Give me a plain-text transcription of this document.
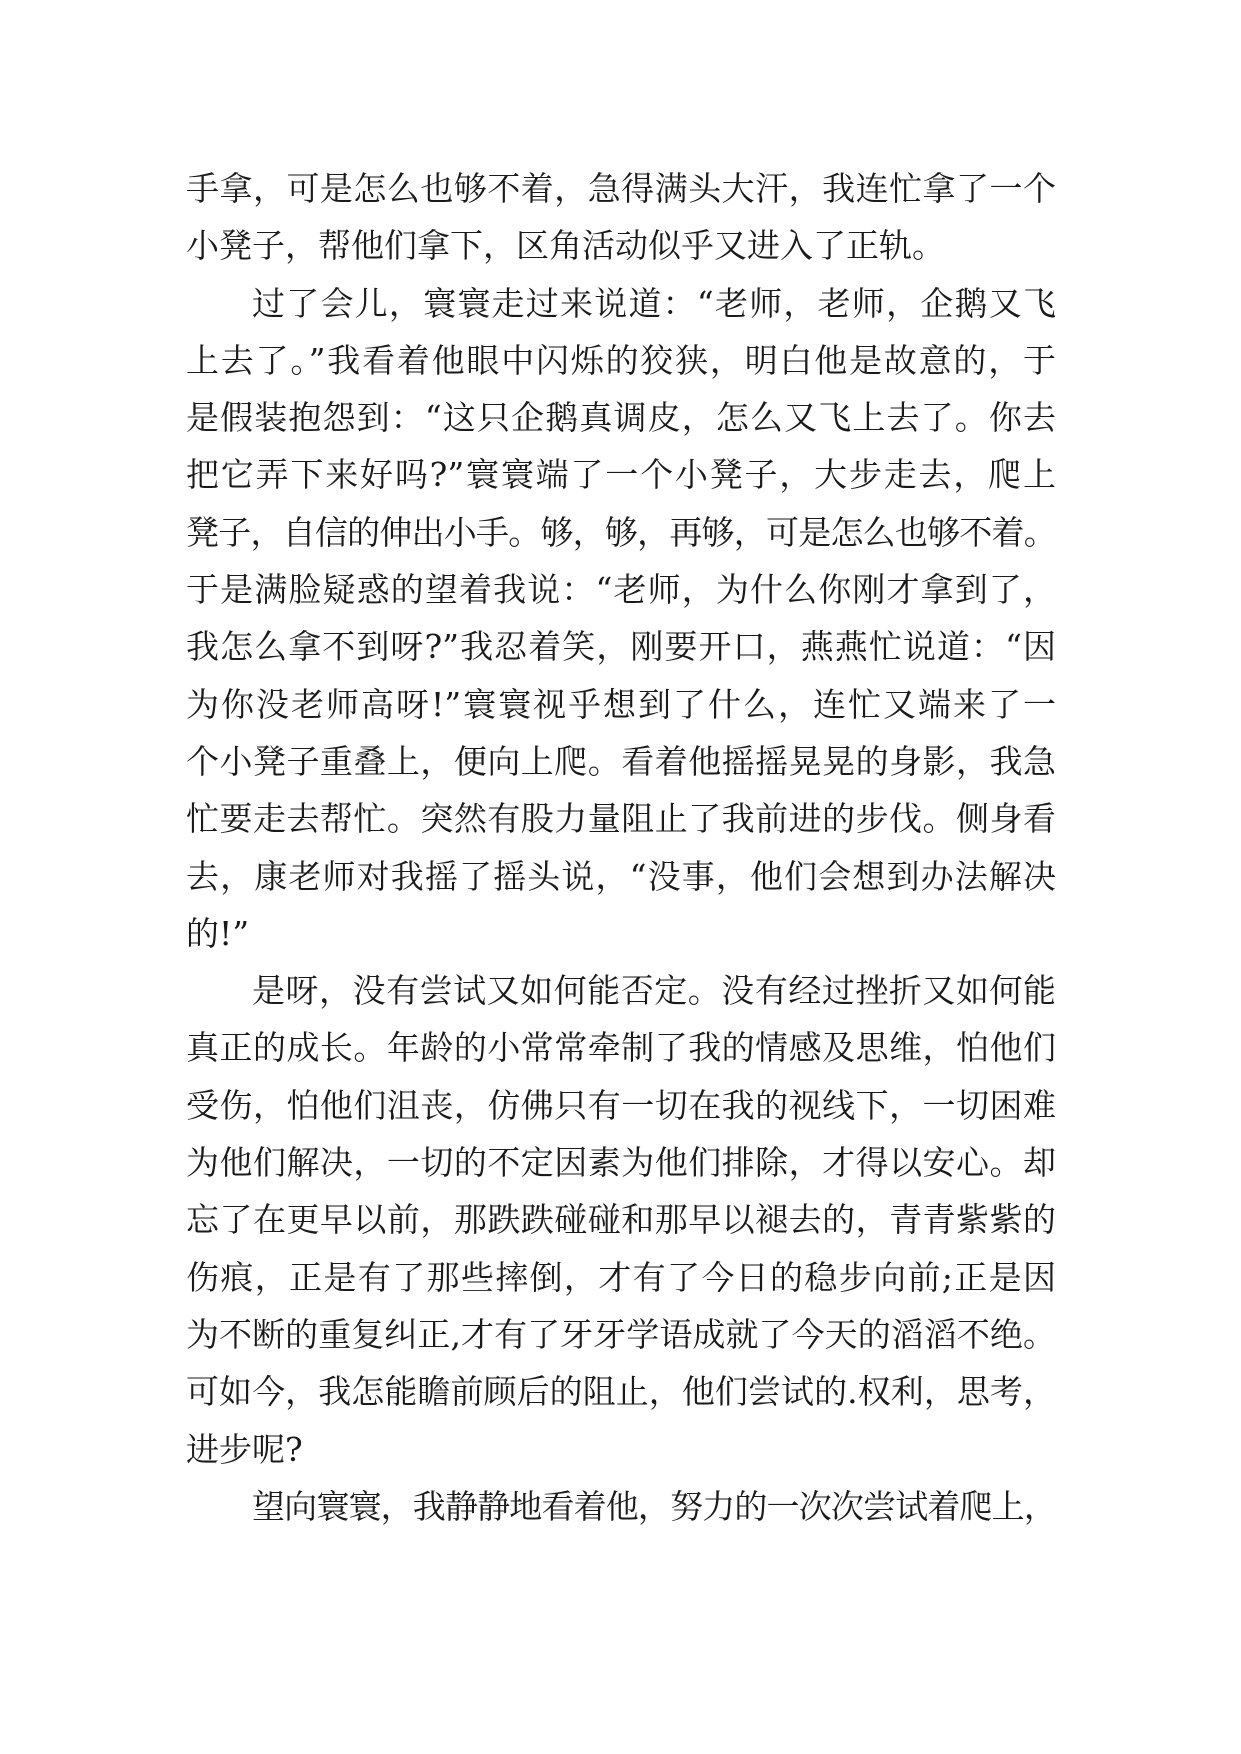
手拿，可是怎么也够不着，急得满头大汗，我连忙拿了一个
小凳子，帮他们拿下，区角活动似乎又进入了正轨。
过了会儿，寰寰走过来说道：“老师，老师，企鹅又飞
上去了。”我看着他眼中闪烁的狡狭，明白他是故意的，于
是假装抱怨到：“这只企鹅真调皮，怎么又飞上去了。你去
把它弄下来好吗?”寰寰端了一个小凳子，大步走去，爬上
凳子，自信的伸出小手。够，够，再够，可是怎么也够不着。
于是满脸疑惑的望着我说：“老师，为什么你刚才拿到了，
我怎么拿不到呀?”我忍着笑，刚要开口，燕燕忙说道：“因
为你没老师高呀!”寰寰视乎想到了什么，连忙又端来了一
个小凳子重叠上，便向上爬。看着他摇摇晃晃的身影，我急
忙要走去帮忙。突然有股力量阻止了我前进的步伐。侧身看
去，康老师对我摇了摇头说，“没事，他们会想到办法解决
的!”
是呀，没有尝试又如何能否定。没有经过挫折又如何能
真正的成长。年龄的小常常牵制了我的情感及思维，怕他们
受伤，怕他们沮丧，仿佛只有一切在我的视线下，一切困难
为他们解决，一切的不定因素为他们排除，才得以安心。却
忘了在更早以前，那跌跌碰碰和那早以褪去的，青青紫紫的
伤痕，正是有了那些摔倒，才有了今日的稳步向前;正是因
为不断的重复纠正,才有了牙牙学语成就了今天的滔滔不绝。
可如今，我怎能瞻前顾后的阻止，他们尝试的.权利，思考，
进步呢?
望向寰寰，我静静地看着他，努力的一次次尝试着爬上，
